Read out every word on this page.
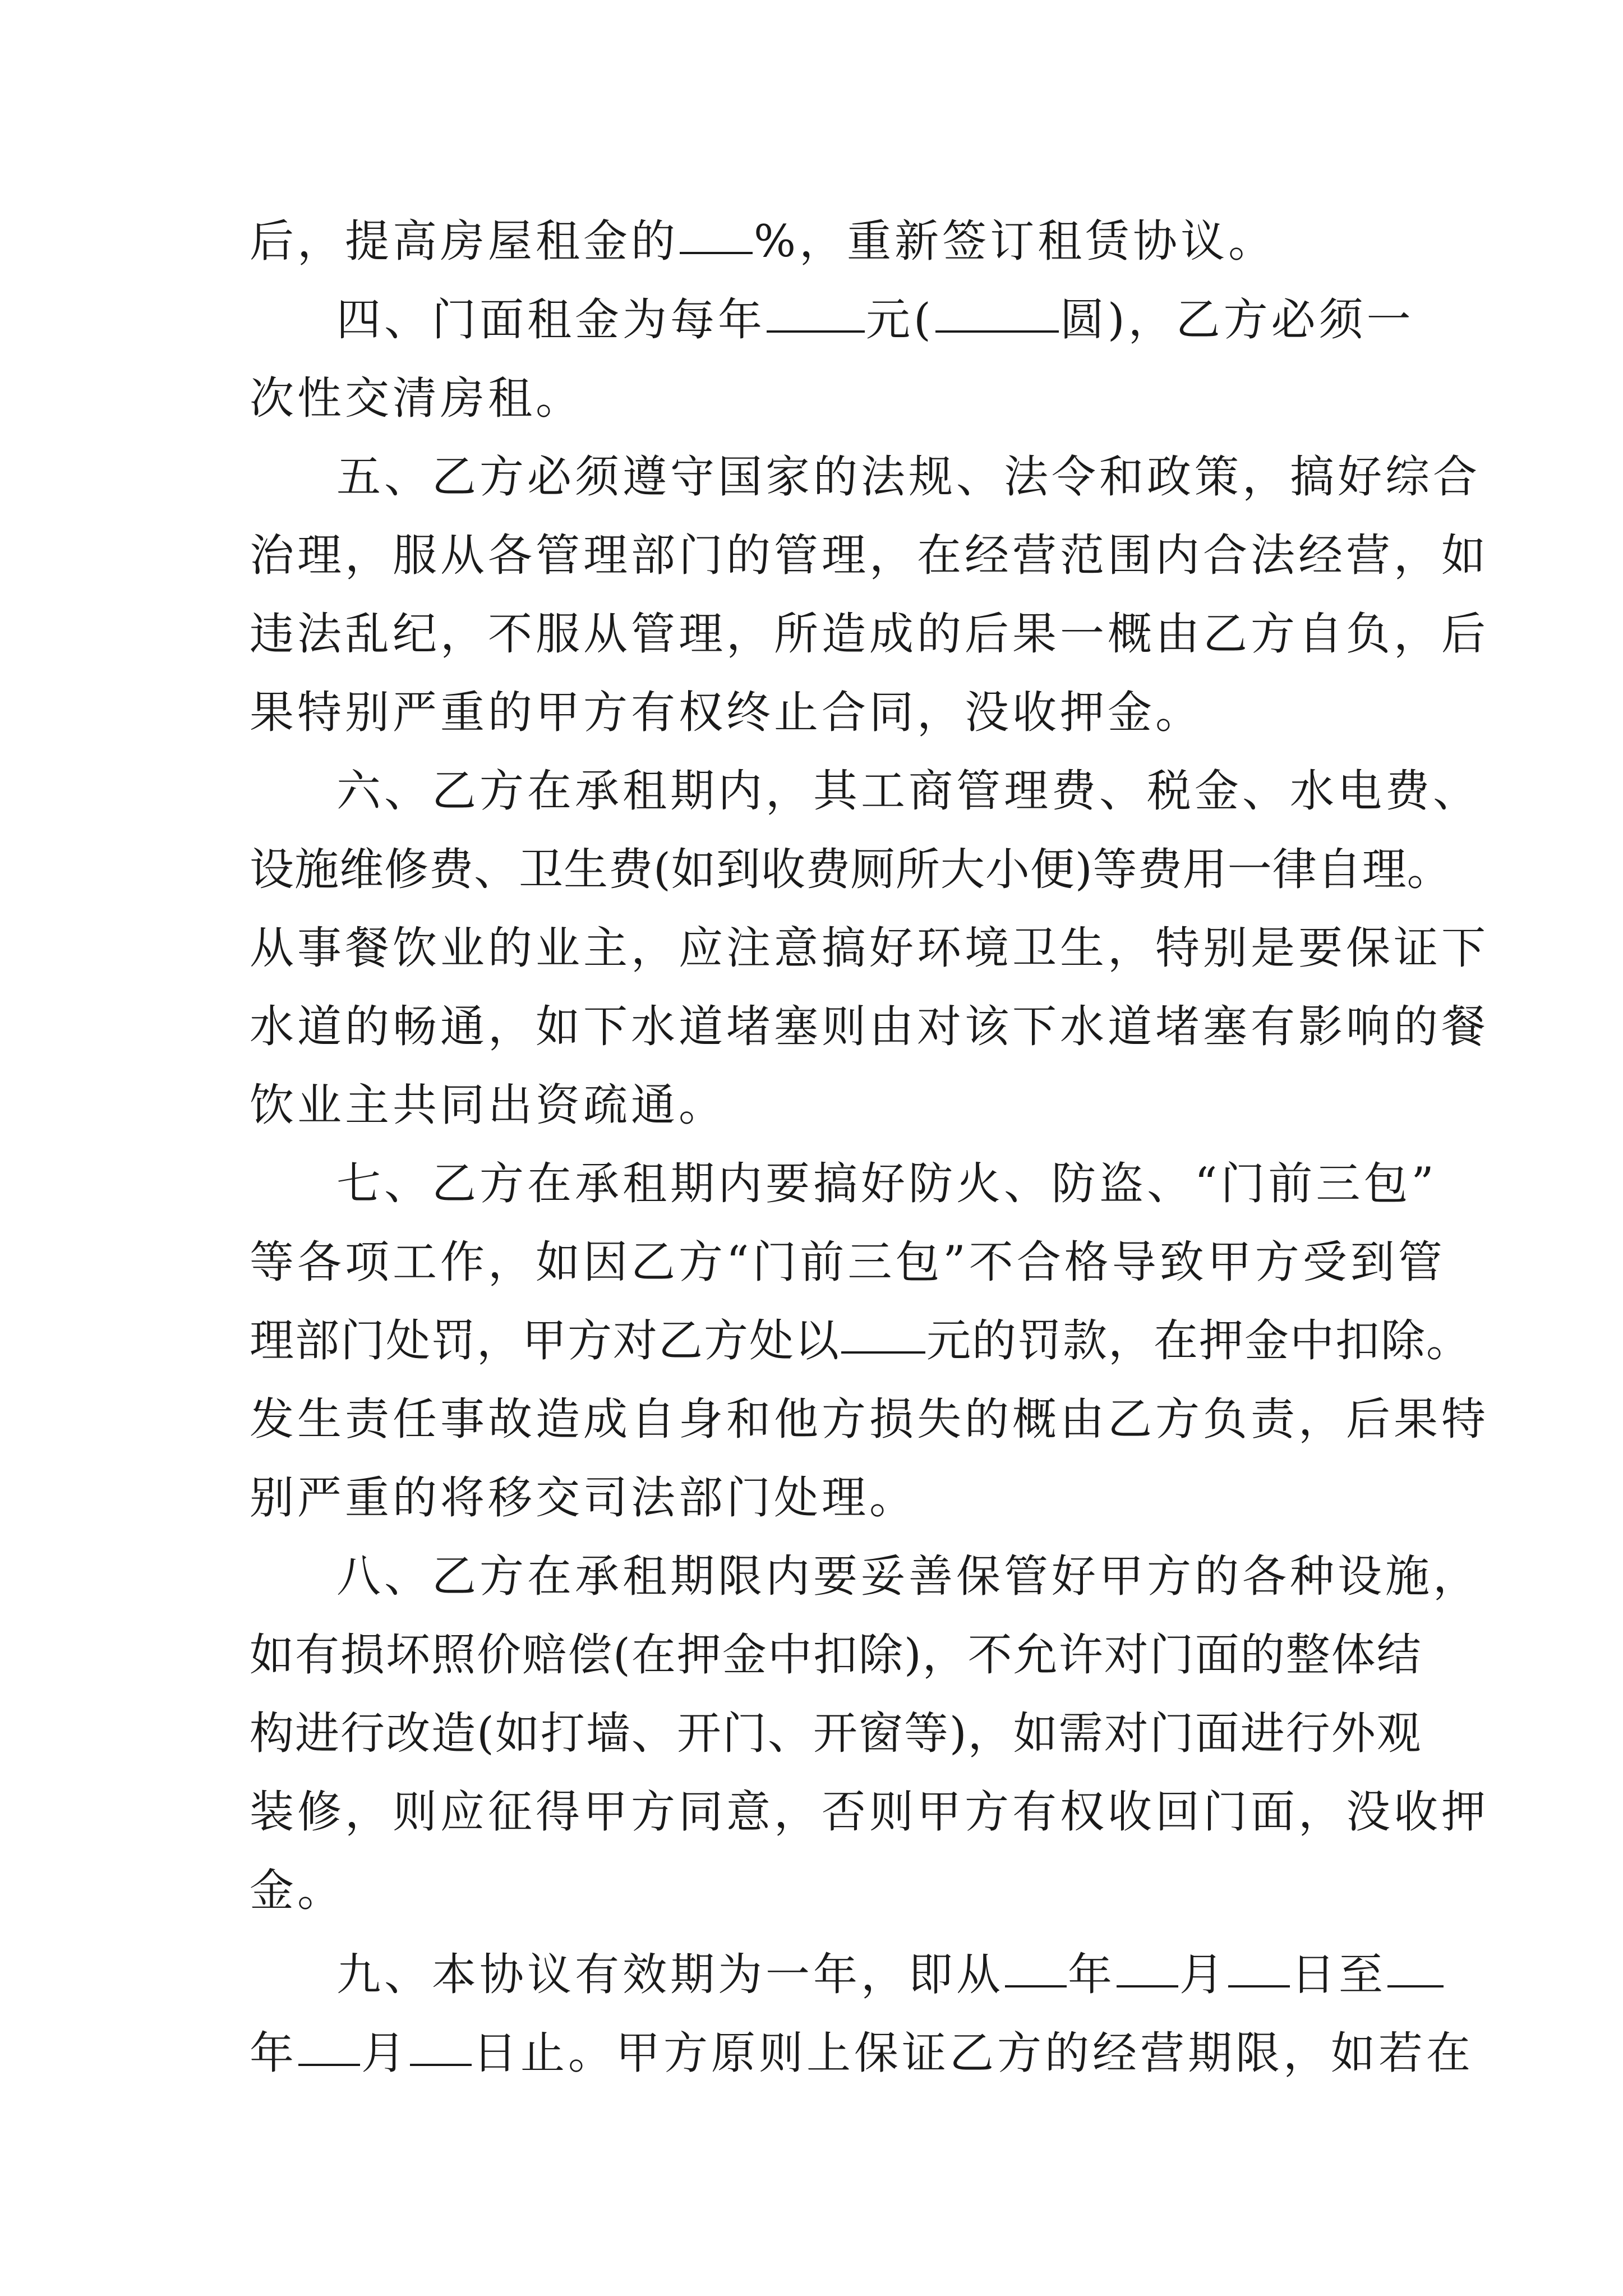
后，提高房屋租金的 %，重新签订租赁协议。
四、门面租金为每年 元(	圆)，乙方必须一
次性交清房租。
五、乙方必须遵守国家的法规、法令和政策，搞好综合
治理，服从各管理部门的管理，在经营范围内合法经营，如
违法乱纪，不服从管理，所造成的后果一概由乙方自负，后
果特别严重的甲方有权终止合同，没收押金。
六、乙方在承租期内，其工商管理费、税金、水电费、
设施维修费、卫生费(如到收费厕所大小便)等费用一律自理。
从事餐饮业的业主，应注意搞好环境卫生，特别是要保证下
水道的畅通，如下水道堵塞则由对该下水道堵塞有影响的餐
饮业主共同出资疏通。
七、乙方在承租期内要搞好防火、防盗、“门前三包”
等各项工作，如因乙方“门前三包”不合格导致甲方受到管
理部门处罚，甲方对乙方处以 元的罚款，在押金中扣除。
发生责任事故造成自身和他方损失的概由乙方负责，后果特
别严重的将移交司法部门处理。
八、乙方在承租期限内要妥善保管好甲方的各种设施，
如有损坏照价赔偿(在押金中扣除)，不允许对门面的整体结
构进行改造(如打墙、开门、开窗等)，如需对门面进行外观
装修，则应征得甲方同意，否则甲方有权收回门面，没收押
金。
九、本协议有效期为一年，即从 年 月 日至
年 月 日止。甲方原则上保证乙方的经营期限，如若在
